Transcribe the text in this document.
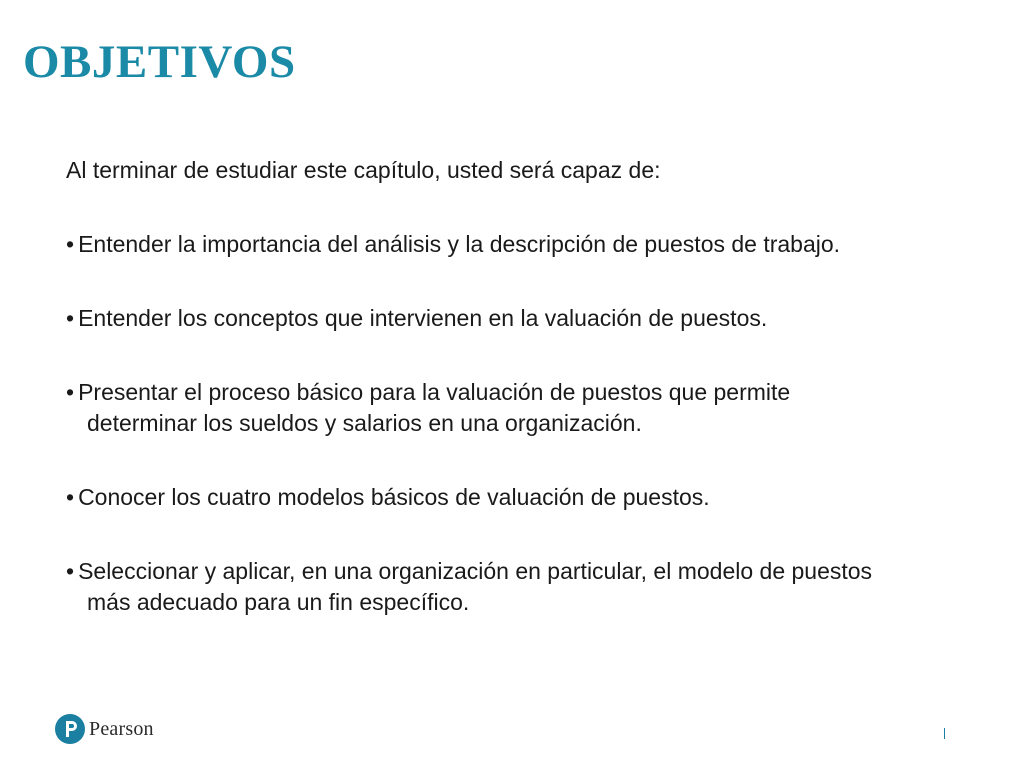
OBJETIVOS

Al terminar de estudiar este capítulo, usted será capaz de:

• Entender la importancia del análisis y la descripción de puestos de trabajo.
• Entender los conceptos que intervienen en la valuación de puestos.
• Presentar el proceso básico para la valuación de puestos que permite
determinar los sueldos y salarios en una organización.
• Conocer los cuatro modelos básicos de valuación de puestos.
• Seleccionar y aplicar, en una organización en particular, el modelo de puestos
más adecuado para un fin específico.
Pearson
